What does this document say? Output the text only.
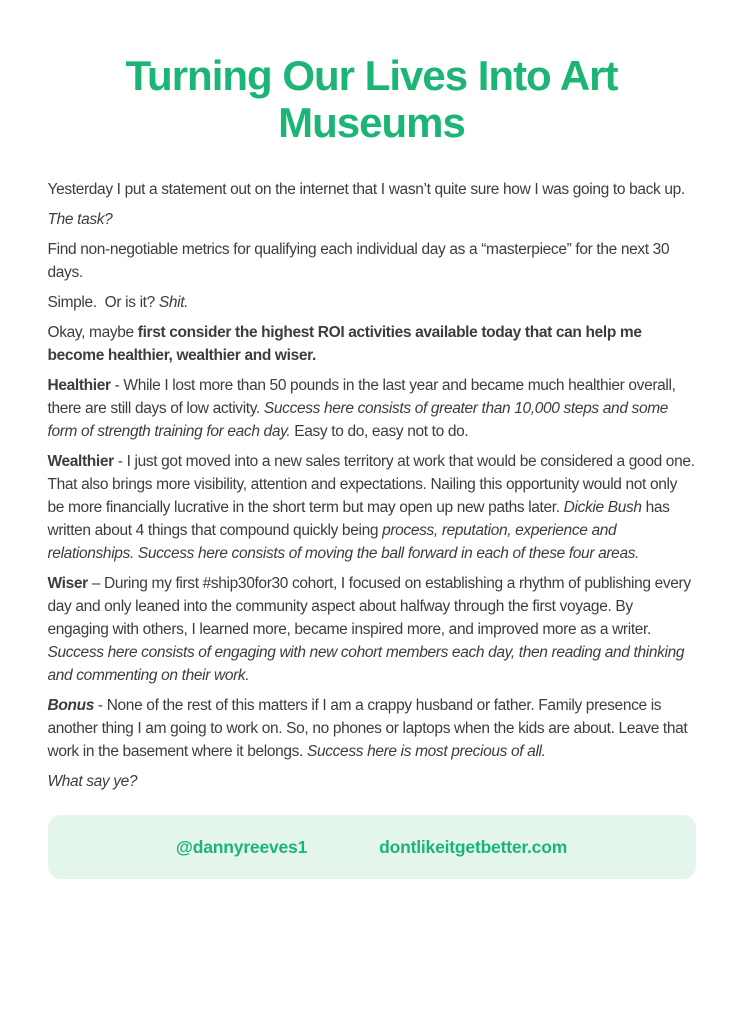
Turning Our Lives Into Art Museums

Yesterday I put a statement out on the internet that I wasn’t quite sure how I was going to back up.

The task?

Find non-negotiable metrics for qualifying each individual day as a “masterpiece” for the next 30 days.

Simple.  Or is it? Shit.

Okay, maybe first consider the highest ROI activities available today that can help me become healthier, wealthier and wiser.

Healthier - While I lost more than 50 pounds in the last year and became much healthier overall, there are still days of low activity. Success here consists of greater than 10,000 steps and some form of strength training for each day. Easy to do, easy not to do.

Wealthier - I just got moved into a new sales territory at work that would be considered a good one. That also brings more visibility, attention and expectations. Nailing this opportunity would not only be more financially lucrative in the short term but may open up new paths later. Dickie Bush has written about 4 things that compound quickly being process, reputation, experience and relationships. Success here consists of moving the ball forward in each of these four areas.

Wiser – During my first #ship30for30 cohort, I focused on establishing a rhythm of publishing every day and only leaned into the community aspect about halfway through the first voyage. By engaging with others, I learned more, became inspired more, and improved more as a writer. Success here consists of engaging with new cohort members each day, then reading and thinking and commenting on their work.

Bonus - None of the rest of this matters if I am a crappy husband or father. Family presence is another thing I am going to work on. So, no phones or laptops when the kids are about. Leave that work in the basement where it belongs. Success here is most precious of all.

What say ye?

@dannyreeves1	dontlikeitgetbetter.com
